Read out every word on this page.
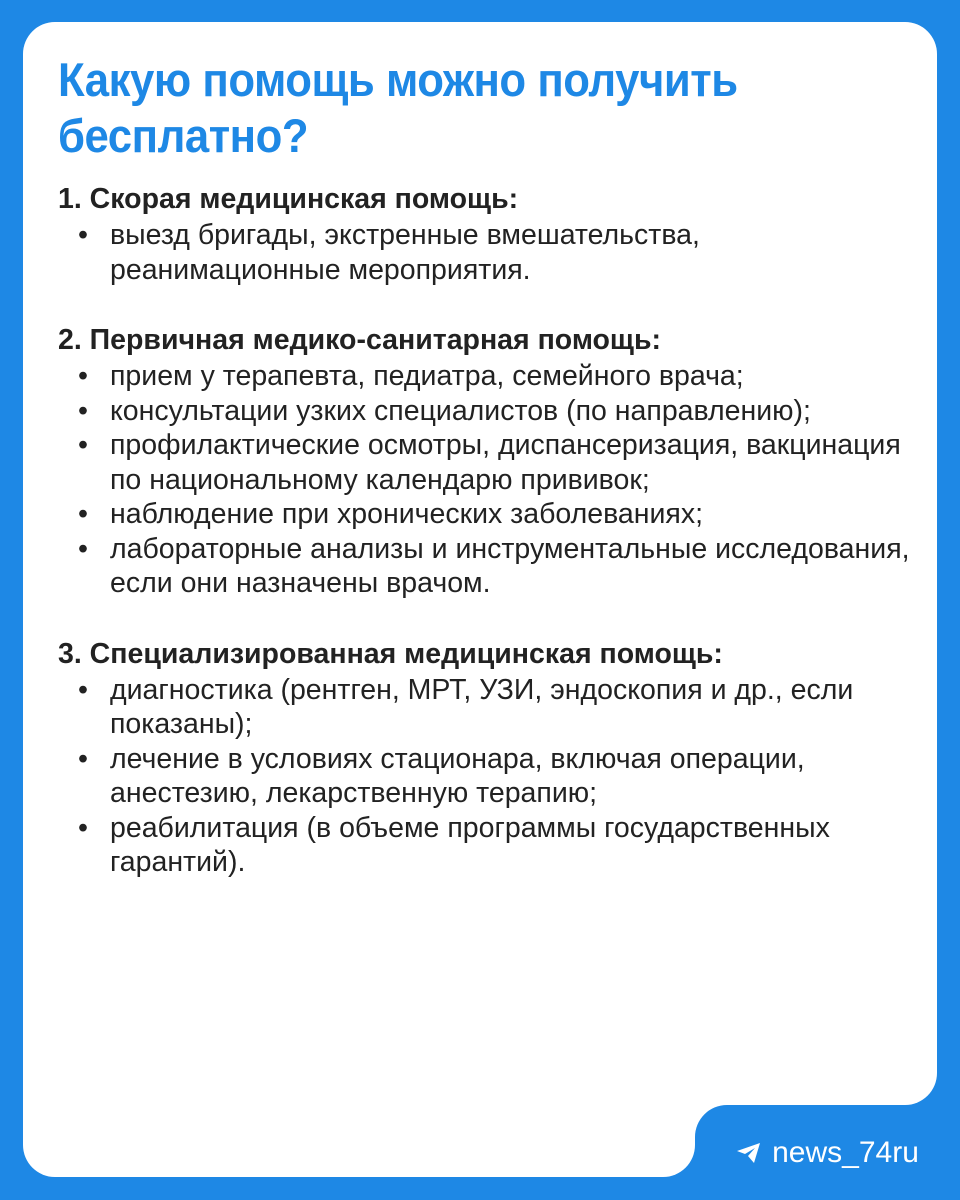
Какую помощь можно получить бесплатно?
1. Скорая медицинская помощь:
• выезд бригады, экстренные вмешательства, реанимационные мероприятия.
2. Первичная медико-санитарная помощь:
• прием у терапевта, педиатра, семейного врача;
• консультации узких специалистов (по направлению);
• профилактические осмотры, диспансеризация, вакцинация по национальному календарю прививок;
• наблюдение при хронических заболеваниях;
• лабораторные анализы и инструментальные исследования, если они назначены врачом.
3. Специализированная медицинская помощь:
• диагностика (рентген, МРТ, УЗИ, эндоскопия и др., если показаны);
• лечение в условиях стационара, включая операции, анестезию, лекарственную терапию;
• реабилитация (в объеме программы государственных гарантий).
news_74ru
